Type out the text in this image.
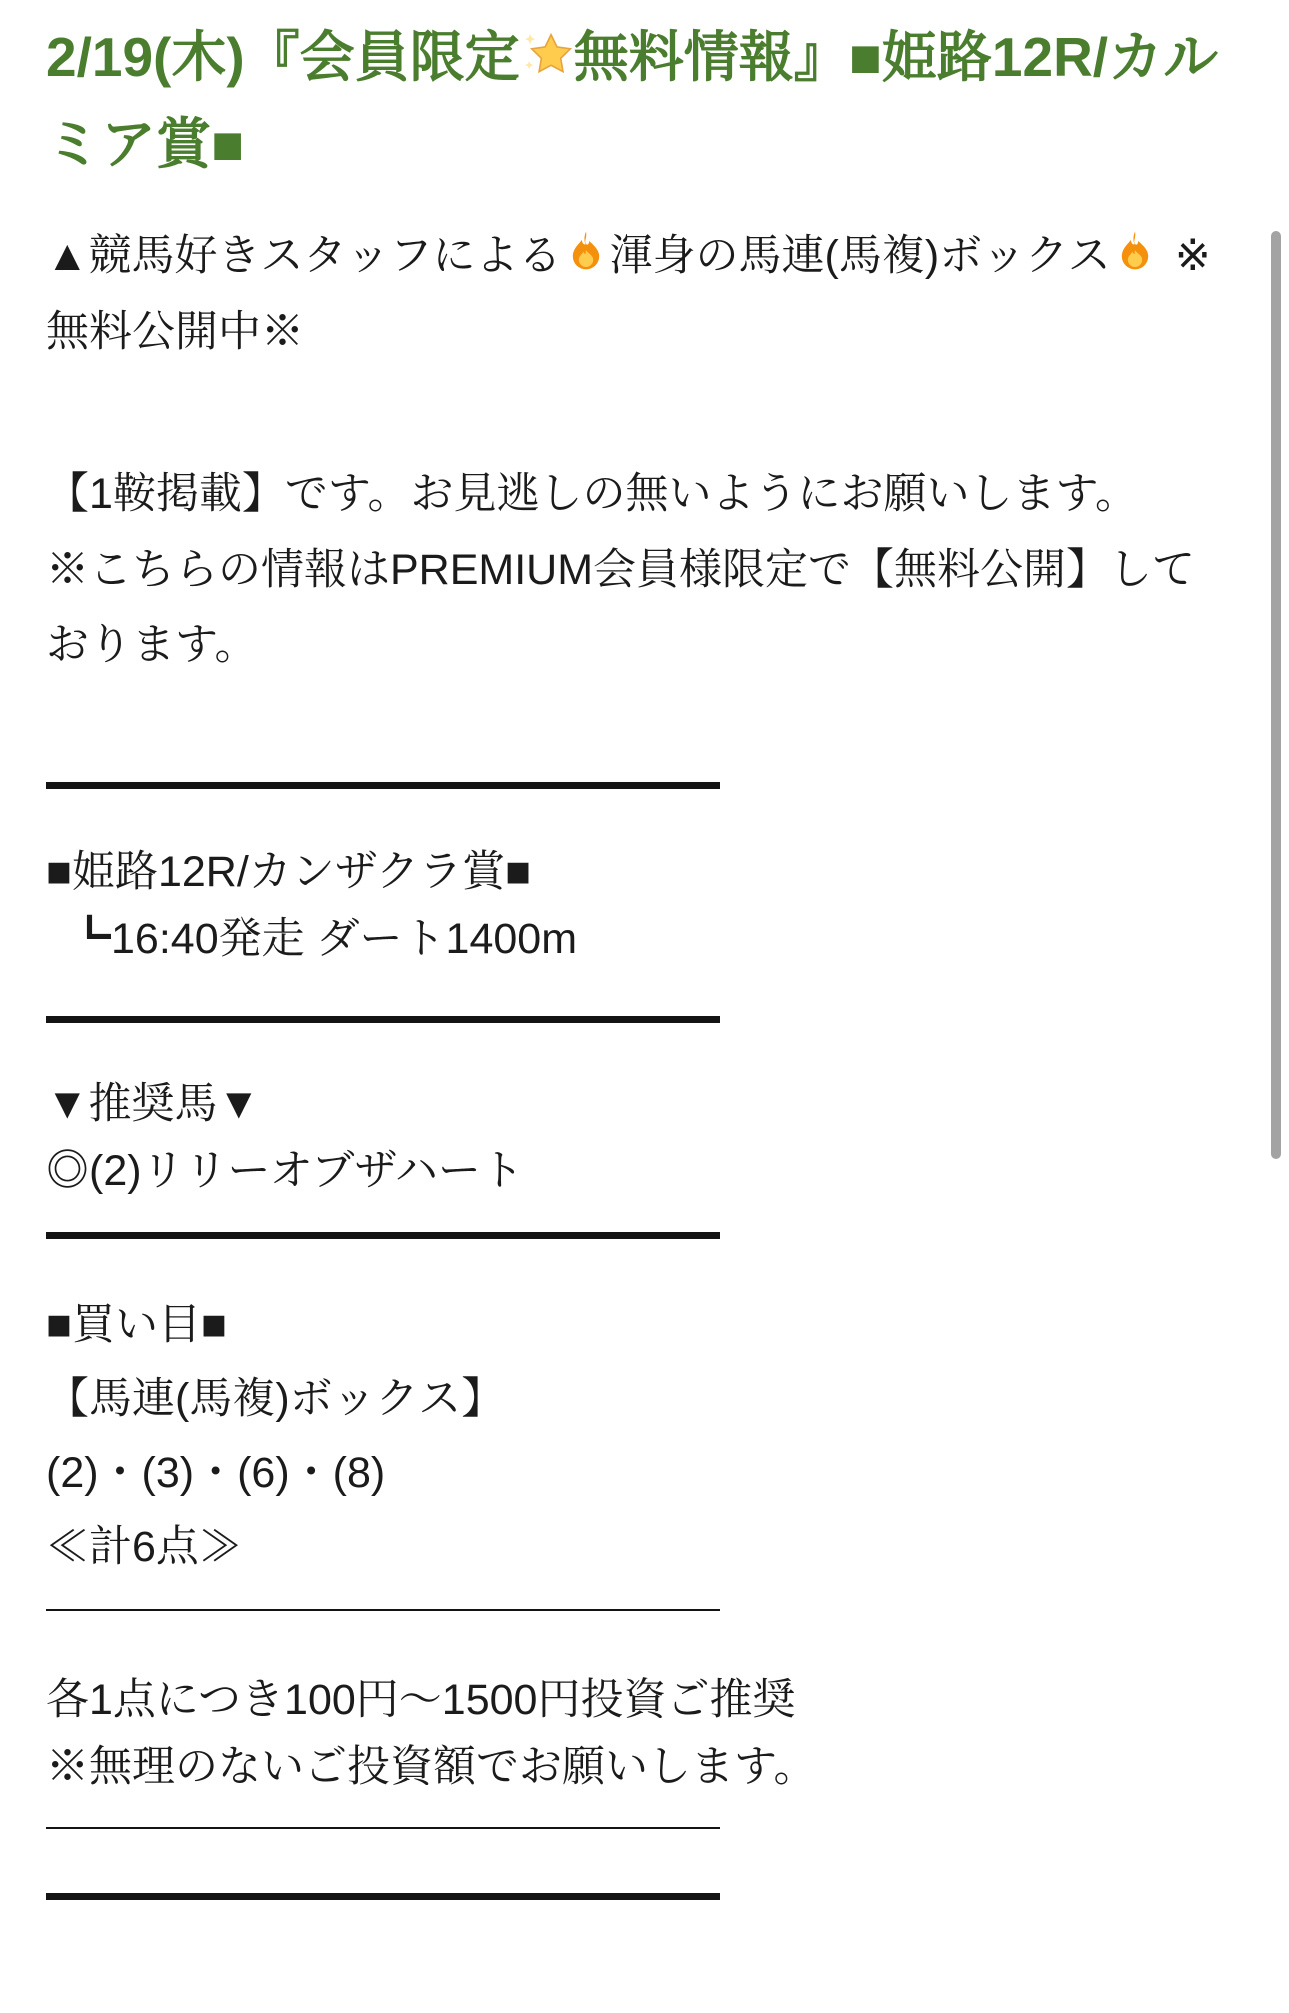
2/19(木)『会員限定 無料情報』■姫路12R/カルミア賞■

▲競馬好きスタッフによる 渾身の馬連(馬複)ボックス ※無料公開中※

【1鞍掲載】です。お見逃しの無いようにお願いします。

※こちらの情報はPREMIUM会員様限定で【無料公開】しております。

■姫路12R/カンザクラ賞■

┗16:40発走 ダート1400m

▼推奨馬▼

◎(2)リリーオブザハート

■買い目■

【馬連(馬複)ボックス】

(2)・(3)・(6)・(8)

≪計6点≫

各1点につき100円〜1500円投資ご推奨

※無理のないご投資額でお願いします。
